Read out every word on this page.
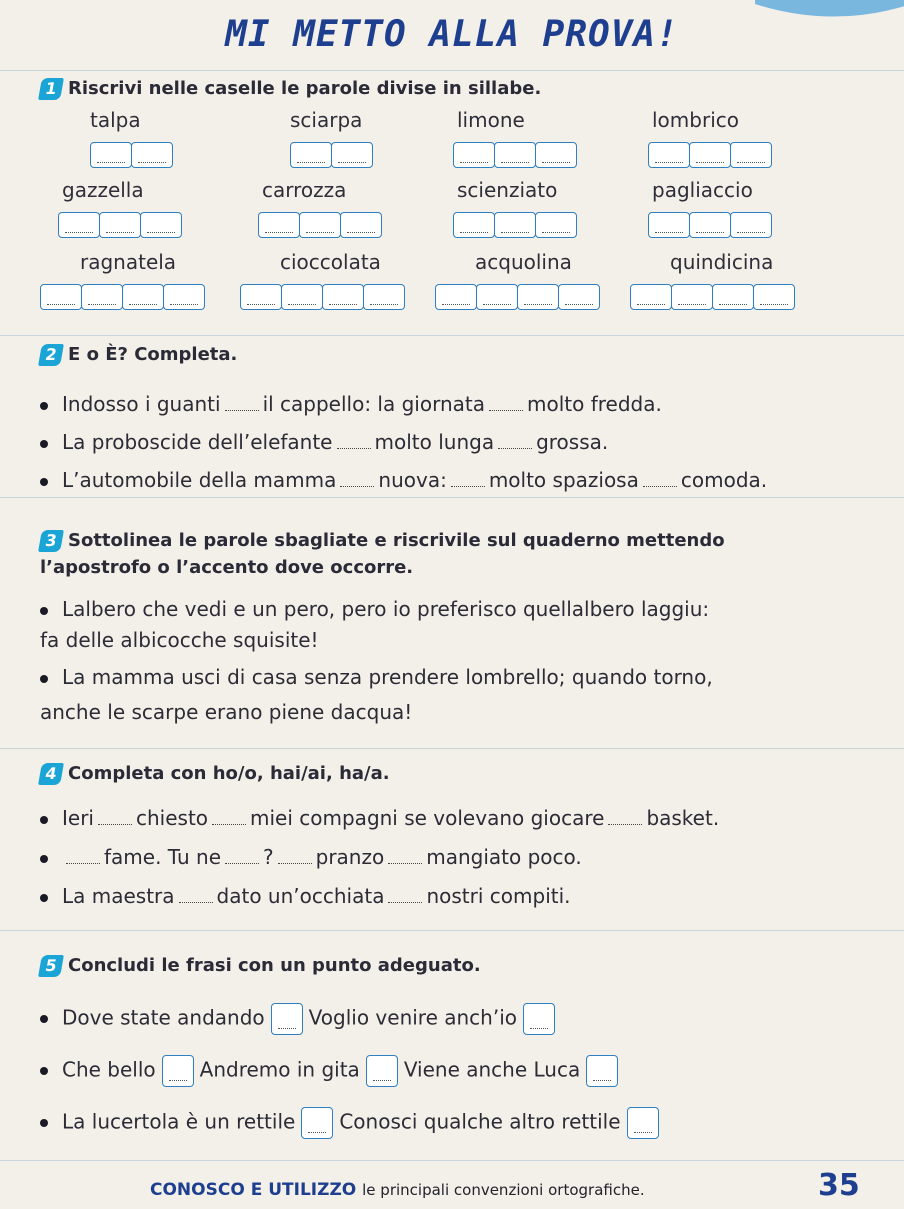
MI METTO ALLA PROVA!
1 Riscrivi nelle caselle le parole divise in sillabe.
talpa	sciarpa	limone	lombrico
gazzella	carrozza	scienziato	pagliaccio
ragnatela	cioccolata	acquolina	quindicina
2 E o È? Completa.
Indosso i guanti il cappello: la giornata molto fredda.
La proboscide dell’elefante molto lunga grossa.
L’automobile della mamma nuova: molto spaziosa comoda.
3 Sottolinea le parole sbagliate e riscrivile sul quaderno mettendo
l’apostrofo o l’accento dove occorre.
Lalbero che vedi e un pero, pero io preferisco quellalbero laggiu:
fa delle albicocche squisite!
La mamma usci di casa senza prendere lombrello; quando torno,
anche le scarpe erano piene dacqua!
4 Completa con ho/o, hai/ai, ha/a.
Ieri chiesto miei compagni se volevano giocare basket.
fame. Tu ne ? pranzo mangiato poco.
La maestra dato un’occhiata nostri compiti.
5 Concludi le frasi con un punto adeguato.
Dove state andando Voglio venire anch’io
Che bello Andremo in gita Viene anche Luca
La lucertola è un rettile Conosci qualche altro rettile
CONOSCO E UTILIZZO le principali convenzioni ortografiche.	35
